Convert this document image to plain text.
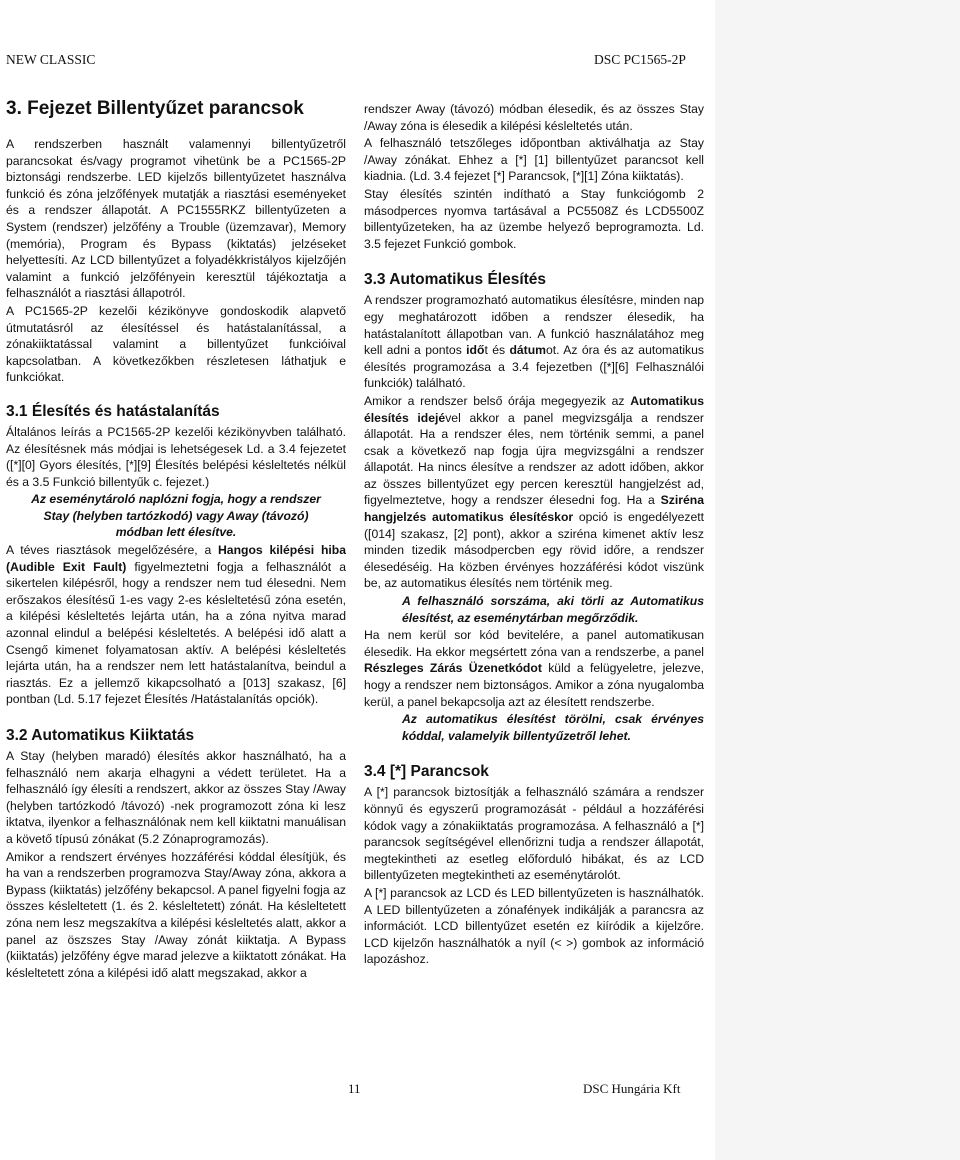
NEW CLASSIC	DSC PC1565-2P
3. Fejezet Billentyűzet parancsok

A rendszerben használt valamennyi billentyűzetről parancsokat és/vagy programot vihetünk be a PC1565-2P biztonsági rendszerbe. LED kijelzős billentyűzetet használva funkció és zóna jelzőfények mutatják a riasztási eseményeket és a rendszer állapotát. A PC1555RKZ billentyűzeten a System (rendszer) jelzőfény a Trouble (üzemzavar), Memory (memória), Program és Bypass (kiktatás) jelzéseket helyettesíti. Az LCD billentyűzet a folyadékkristályos kijelzőjén valamint a funkció jelzőfényein keresztül tájékoztatja a felhasználót a riasztási állapotról.

A PC1565-2P kezelői kézikönyve gondoskodik alapvető útmutatásról az élesítéssel és hatástalanítással, a zónakiiktatással valamint a billentyűzet funkcióival kapcsolatban. A következőkben részletesen láthatjuk e funkciókat.

3.1 Élesítés és hatástalanítás

Általános leírás a PC1565-2P kezelői kézikönyvben található. Az élesítésnek más módjai is lehetségesek Ld. a 3.4 fejezetet ([*][0] Gyors élesítés, [*][9] Élesítés belépési késleltetés nélkül és a 3.5 Funkció billentyűk c. fejezet.)

Az eseménytároló naplózni fogja, hogy a rendszer Stay (helyben tartózkodó) vagy Away (távozó) módban lett élesítve.

A téves riasztások megelőzésére, a Hangos kilépési hiba (Audible Exit Fault) figyelmeztetni fogja a felhasználót a sikertelen kilépésről, hogy a rendszer nem tud élesedni. Nem erőszakos élesítésű 1-es vagy 2-es késleltetésű zóna esetén, a kilépési késleltetés lejárta után, ha a zóna nyitva marad azonnal elindul a belépési késleltetés. A belépési idő alatt a Csengő kimenet folyamatosan aktív. A belépési késleltetés lejárta után, ha a rendszer nem lett hatástalanítva, beindul a riasztás. Ez a jellemző kikapcsolható a [013] szakasz, [6] pontban (Ld. 5.17 fejezet Élesítés /Hatástalanítás opciók).

3.2 Automatikus Kiiktatás

A Stay (helyben maradó) élesítés akkor használható, ha a felhasználó nem akarja elhagyni a védett területet. Ha a felhasználó így élesíti a rendszert, akkor az összes Stay /Away (helyben tartózkodó /távozó) -nek programozott zóna ki lesz iktatva, ilyenkor a felhasználónak nem kell kiiktatni manuálisan a követő típusú zónákat (5.2 Zónaprogramozás).

Amikor a rendszert érvényes hozzáférési kóddal élesítjük, és ha van a rendszerben programozva Stay/Away zóna, akkora a Bypass (kiiktatás) jelzőfény bekapcsol. A panel figyelni fogja az összes késleltetett (1. és 2. késleltetett) zónát. Ha késleltetett zóna nem lesz megszakítva a kilépési késleltetés alatt, akkor a panel az öszszes Stay /Away zónát kiiktatja. A Bypass (kiiktatás) jelzőfény égve marad jelezve a kiiktatott zónákat. Ha késleltetett zóna a kilépési idő alatt megszakad, akkor a

rendszer Away (távozó) módban élesedik, és az összes Stay /Away zóna is élesedik a kilépési késleltetés után.

A felhasználó tetszőleges időpontban aktiválhatja az Stay /Away zónákat. Ehhez a [*] [1] billentyűzet parancsot kell kiadnia. (Ld. 3.4 fejezet [*] Parancsok, [*][1] Zóna kiiktatás).

Stay élesítés szintén indítható a Stay funkciógomb 2 másodperces nyomva tartásával a PC5508Z és LCD5500Z billentyűzeteken, ha az üzembe helyező beprogramozta. Ld. 3.5 fejezet Funkció gombok.

3.3 Automatikus Élesítés

A rendszer programozható automatikus élesítésre, minden nap egy meghatározott időben a rendszer élesedik, ha hatástalanított állapotban van. A funkció használatához meg kell adni a pontos időt és dátumot. Az óra és az automatikus élesítés programozása a 3.4 fejezetben ([*][6] Felhasználói funkciók) található.

Amikor a rendszer belső órája megegyezik az Automatikus élesítés idejével akkor a panel megvizsgálja a rendszer állapotát. Ha a rendszer éles, nem történik semmi, a panel csak a következő nap fogja újra megvizsgálni a rendszer állapotát. Ha nincs élesítve a rendszer az adott időben, akkor az összes billentyűzet egy percen keresztül hangjelzést ad, figyelmeztetve, hogy a rendszer élesedni fog. Ha a Sziréna hangjelzés automatikus élesítéskor opció is engedélyezett ([014] szakasz, [2] pont), akkor a sziréna kimenet aktív lesz minden tizedik másodpercben egy rövid időre, a rendszer élesedéséig. Ha közben érvényes hozzáférési kódot viszünk be, az automatikus élesítés nem történik meg.

A felhasználó sorszáma, aki törli az Automatikus élesítést, az eseménytárban megőrződik.

Ha nem kerül sor kód bevitelére, a panel automatikusan élesedik. Ha ekkor megsértett zóna van a rendszerbe, a panel Részleges Zárás Üzenetkódot küld a felügyeletre, jelezve, hogy a rendszer nem biztonságos. Amikor a zóna nyugalomba kerül, a panel bekapcsolja azt az élesített rendszerbe.

Az automatikus élesítést törölni, csak érvényes kóddal, valamelyik billentyűzetről lehet.

3.4 [*] Parancsok

A [*] parancsok biztosítják a felhasználó számára a rendszer könnyű és egyszerű programozását - például a hozzáférési kódok vagy a zónakiiktatás programozása. A felhasználó a [*] parancsok segítségével ellenőrizni tudja a rendszer állapotát, megtekintheti az esetleg előforduló hibákat, és az LCD billentyűzeten megtekintheti az eseménytárolót.

A [*] parancsok az LCD és LED billentyűzeten is használhatók. A LED billentyűzeten a zónafények indikálják a parancsra az információt. LCD billentyűzet esetén ez kiíródik a kijelzőre. LCD kijelzőn használhatók a nyíl (< >) gombok az információ lapozáshoz.

11	DSC Hungária Kft
